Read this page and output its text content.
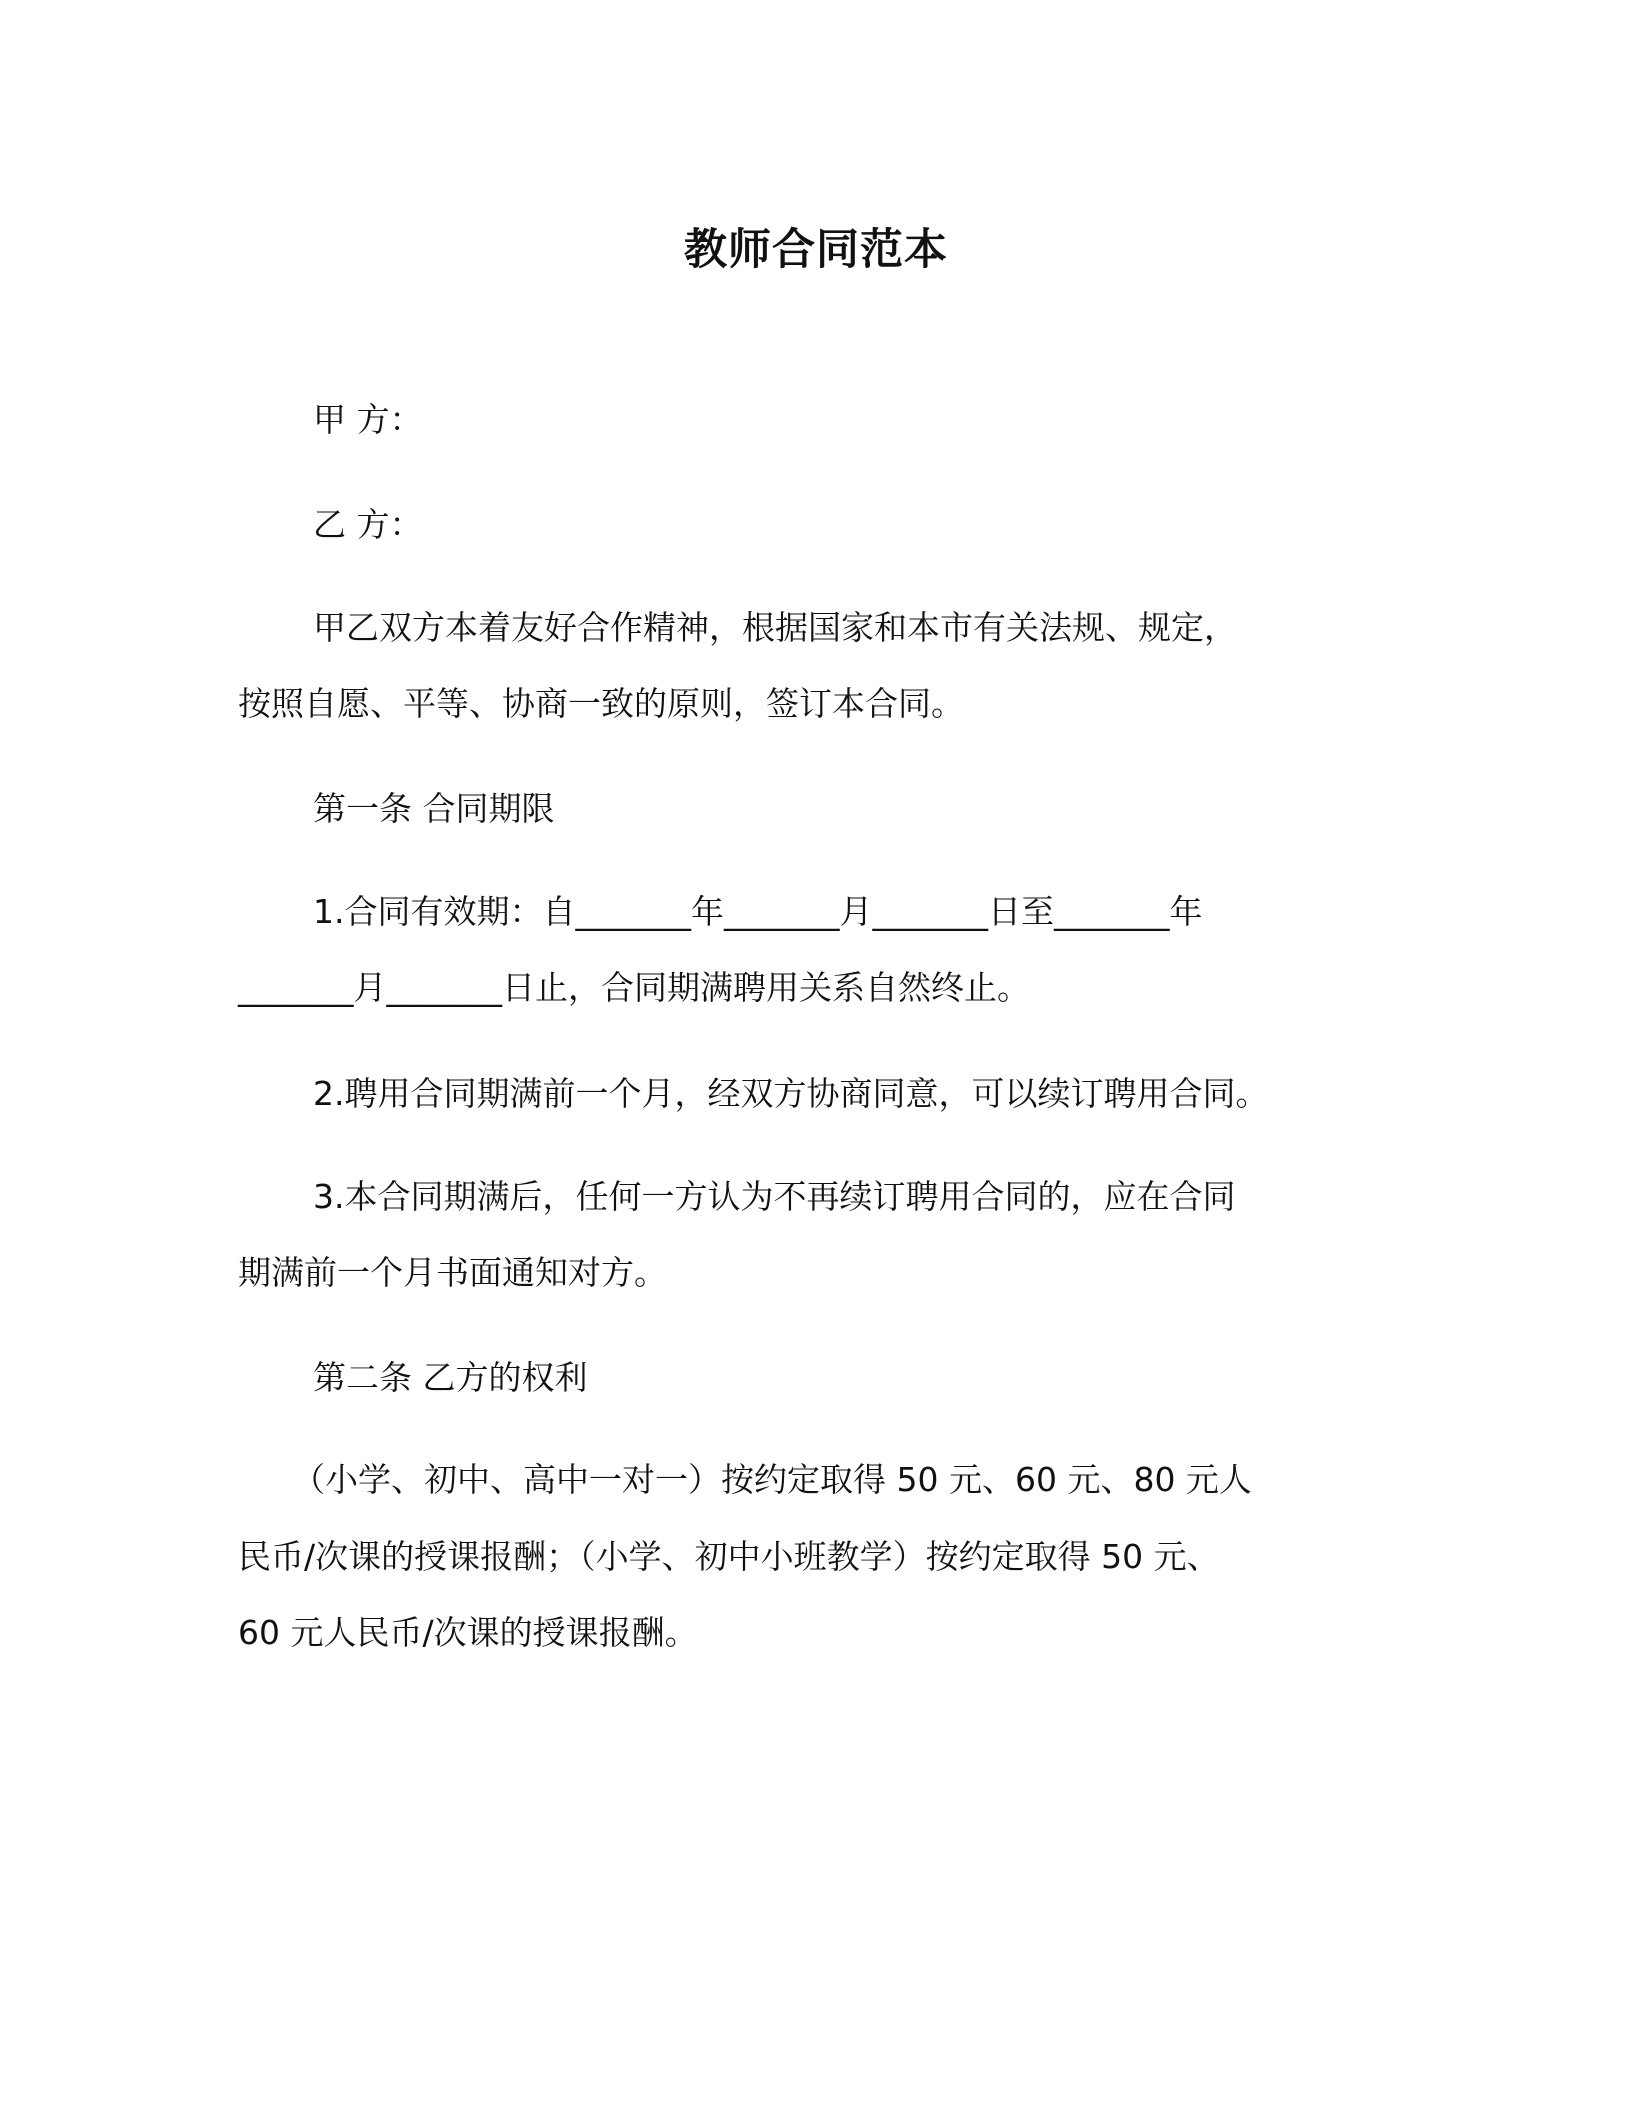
教师合同范本
甲 方：
乙 方：
甲乙双方本着友好合作精神，根据国家和本市有关法规、规定，
按照自愿、平等、协商一致的原则，签订本合同。
第一条 合同期限
1.合同有效期：自_______年_______月_______日至_______年
_______月_______日止，合同期满聘用关系自然终止。
2.聘用合同期满前一个月，经双方协商同意，可以续订聘用合同。
3.本合同期满后，任何一方认为不再续订聘用合同的，应在合同
期满前一个月书面通知对方。
第二条 乙方的权利
（小学、初中、高中一对一）按约定取得 50 元、60 元、80 元人
民币/次课的授课报酬；（小学、初中小班教学）按约定取得 50 元、
60 元人民币/次课的授课报酬。
